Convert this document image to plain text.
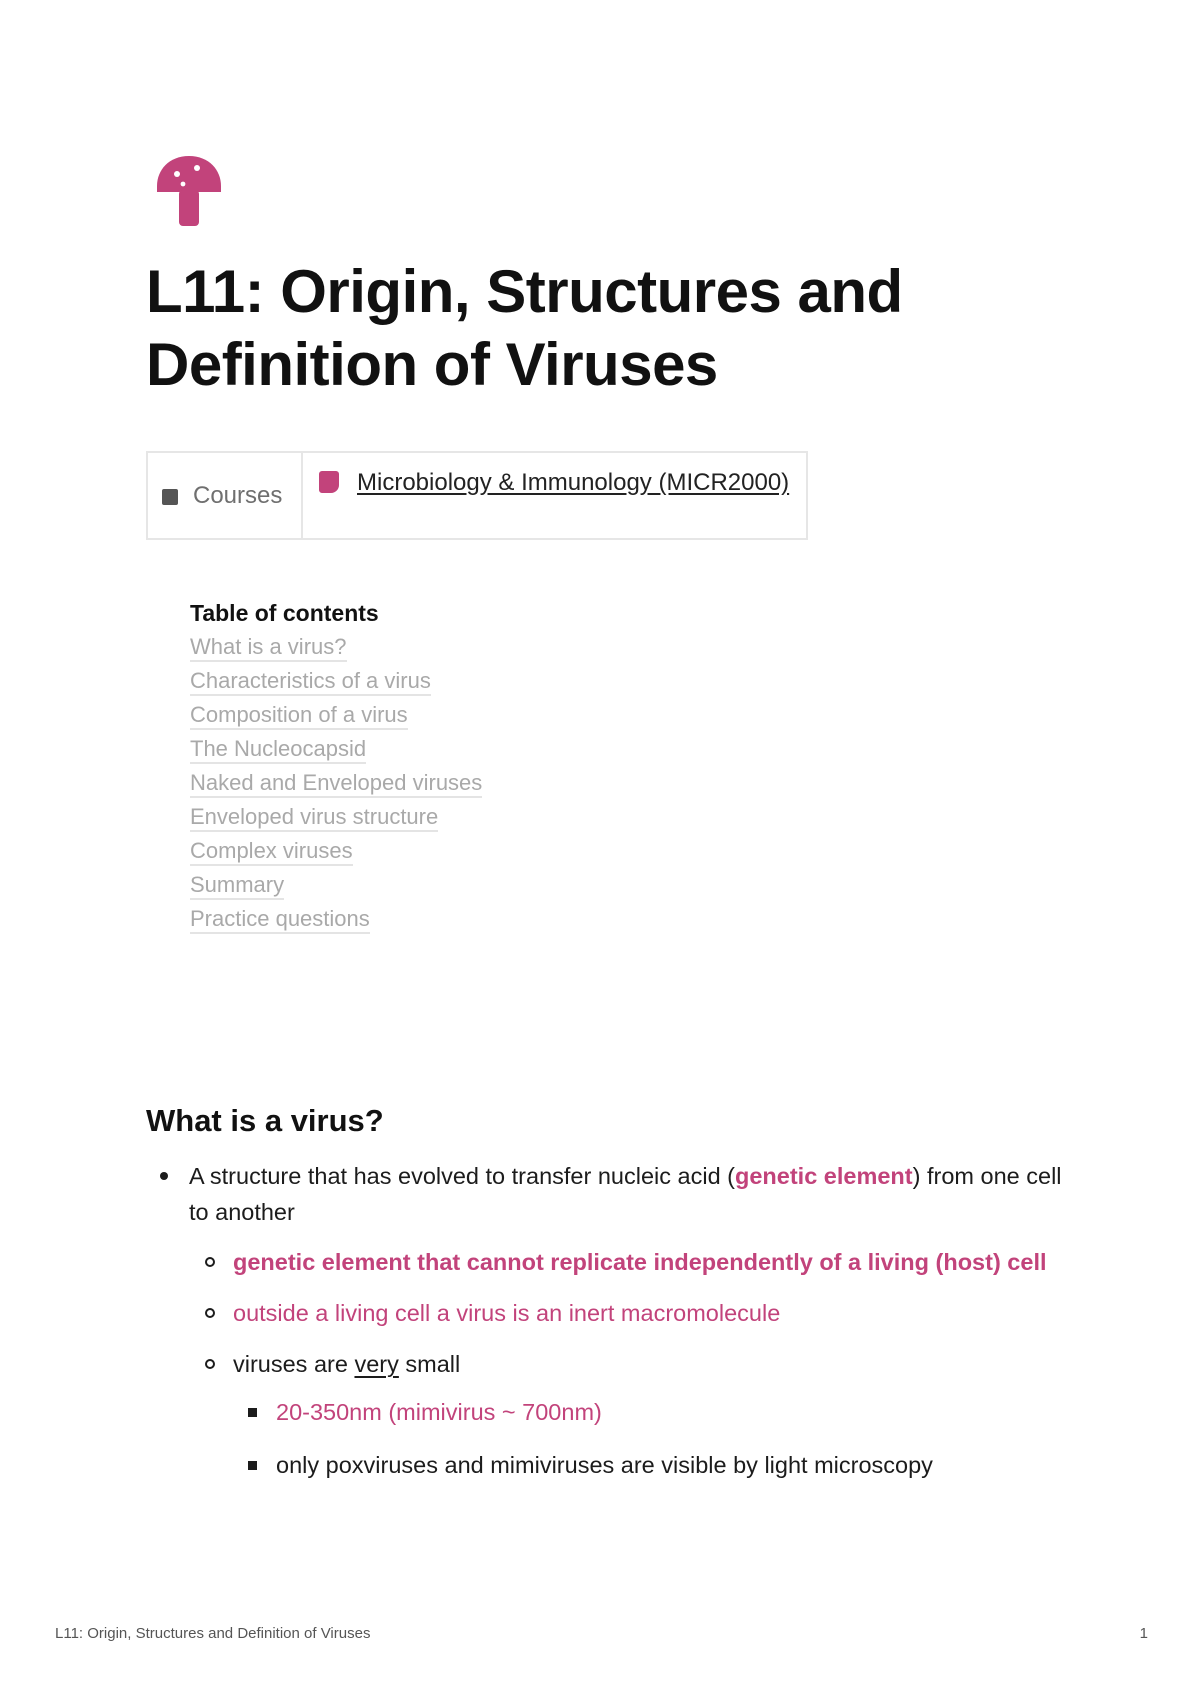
L11: Origin, Structures and Definition of Viruses
Courses	Microbiology & Immunology (MICR2000)
Table of contents
What is a virus?
Characteristics of a virus
Composition of a virus
The Nucleocapsid
Naked and Enveloped viruses
Enveloped virus structure
Complex viruses
Summary
Practice questions
What is a virus?
A structure that has evolved to transfer nucleic acid (genetic element) from one cell to another
genetic element that cannot replicate independently of a living (host) cell
outside a living cell a virus is an inert macromolecule
viruses are very small
20-350nm (mimivirus ~ 700nm)
only poxviruses and mimiviruses are visible by light microscopy
L11: Origin, Structures and Definition of Viruses	1
